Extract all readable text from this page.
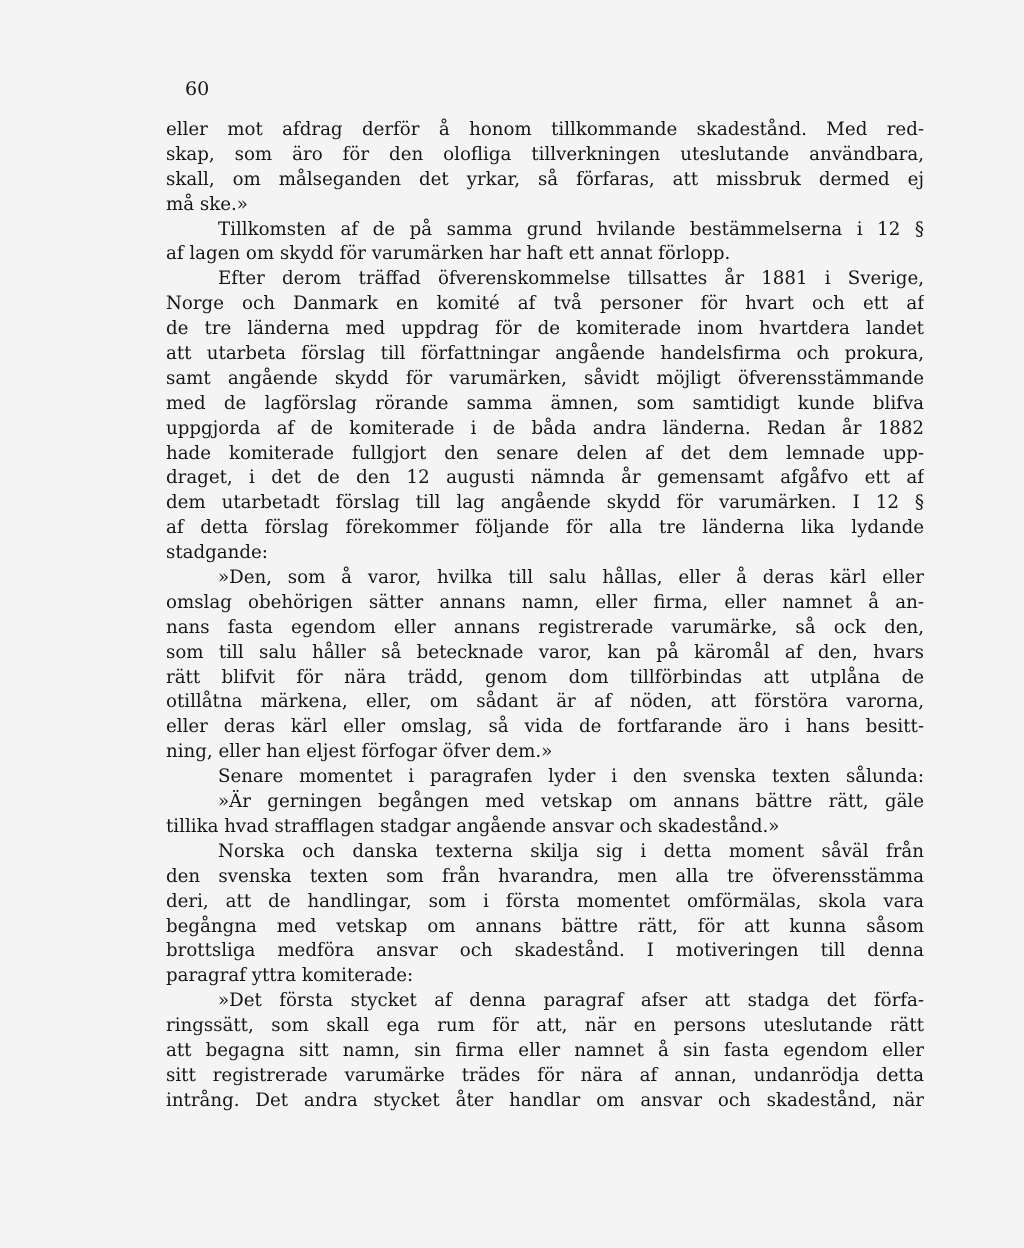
60
eller mot afdrag derför å honom tillkommande skadestånd. Med red-
skap, som äro för den olofliga tillverkningen uteslutande användbara,
skall, om målseganden det yrkar, så förfaras, att missbruk dermed ej
må ske.»
Tillkomsten af de på samma grund hvilande bestämmelserna i 12 §
af lagen om skydd för varumärken har haft ett annat förlopp.
Efter derom träffad öfverenskommelse tillsattes år 1881 i Sverige,
Norge och Danmark en komité af två personer för hvart och ett af
de tre länderna med uppdrag för de komiterade inom hvartdera landet
att utarbeta förslag till författningar angående handelsfirma och prokura,
samt angående skydd för varumärken, såvidt möjligt öfverensstämmande
med de lagförslag rörande samma ämnen, som samtidigt kunde blifva
uppgjorda af de komiterade i de båda andra länderna. Redan år 1882
hade komiterade fullgjort den senare delen af det dem lemnade upp-
draget, i det de den 12 augusti nämnda år gemensamt afgåfvo ett af
dem utarbetadt förslag till lag angående skydd för varumärken. I 12 §
af detta förslag förekommer följande för alla tre länderna lika lydande
stadgande:
»Den, som å varor, hvilka till salu hållas, eller å deras kärl eller
omslag obehörigen sätter annans namn, eller firma, eller namnet å an-
nans fasta egendom eller annans registrerade varumärke, så ock den,
som till salu håller så betecknade varor, kan på käromål af den, hvars
rätt blifvit för nära trädd, genom dom tillförbindas att utplåna de
otillåtna märkena, eller, om sådant är af nöden, att förstöra varorna,
eller deras kärl eller omslag, så vida de fortfarande äro i hans besitt-
ning, eller han eljest förfogar öfver dem.»
Senare momentet i paragrafen lyder i den svenska texten sålunda:
»Är gerningen begången med vetskap om annans bättre rätt, gäle
tillika hvad strafflagen stadgar angående ansvar och skadestånd.»
Norska och danska texterna skilja sig i detta moment såväl från
den svenska texten som från hvarandra, men alla tre öfverensstämma
deri, att de handlingar, som i första momentet omförmälas, skola vara
begångna med vetskap om annans bättre rätt, för att kunna såsom
brottsliga medföra ansvar och skadestånd. I motiveringen till denna
paragraf yttra komiterade:
»Det första stycket af denna paragraf afser att stadga det förfa-
ringssätt, som skall ega rum för att, när en persons uteslutande rätt
att begagna sitt namn, sin firma eller namnet å sin fasta egendom eller
sitt registrerade varumärke trädes för nära af annan, undanrödja detta
intrång. Det andra stycket åter handlar om ansvar och skadestånd, när
